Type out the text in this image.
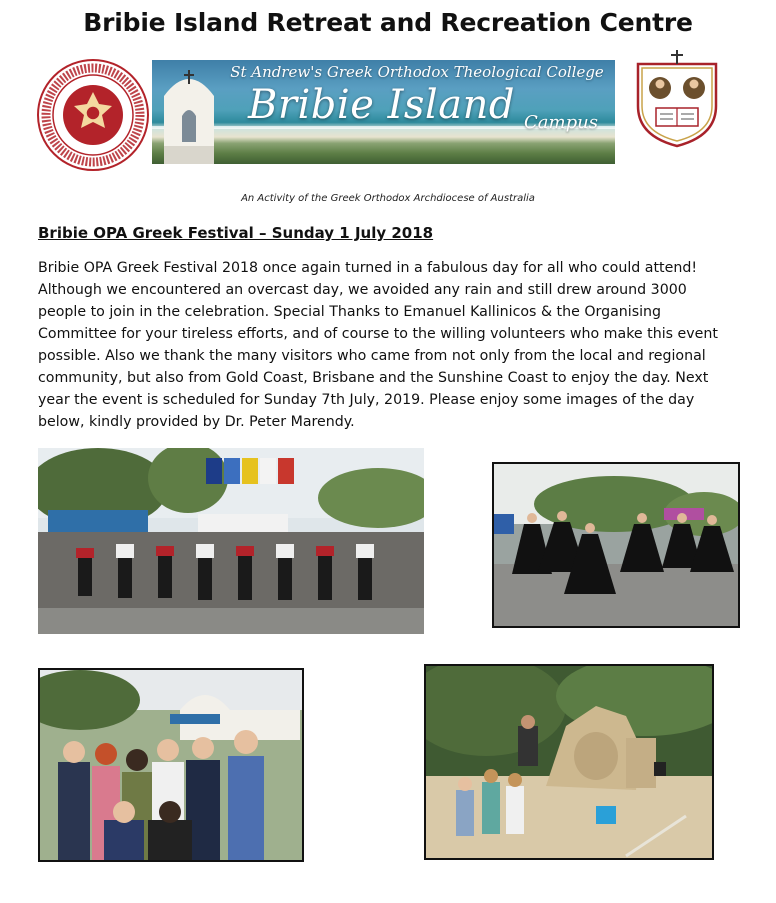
Bribie Island Retreat and Recreation Centre
St Andrew's Greek Orthodox Theological College
Bribie Island Campus
An Activity of the Greek Orthodox Archdiocese of Australia
Bribie OPA Greek Festival – Sunday 1 July 2018
Bribie OPA Greek Festival 2018 once again turned in a fabulous day for all who could attend! Although we encountered an overcast day, we avoided any rain and still drew around 3000 people to join in the celebration. Special Thanks to Emanuel Kallinicos & the Organising Committee for your tireless efforts, and of course to the willing volunteers who make this event possible. Also we thank the many visitors who came from not only from the local and regional community, but also from Gold Coast, Brisbane and the Sunshine Coast to enjoy the day. Next year the event is scheduled for Sunday 7th July, 2019. Please enjoy some images of the day below, kindly provided by Dr. Peter Marendy.
